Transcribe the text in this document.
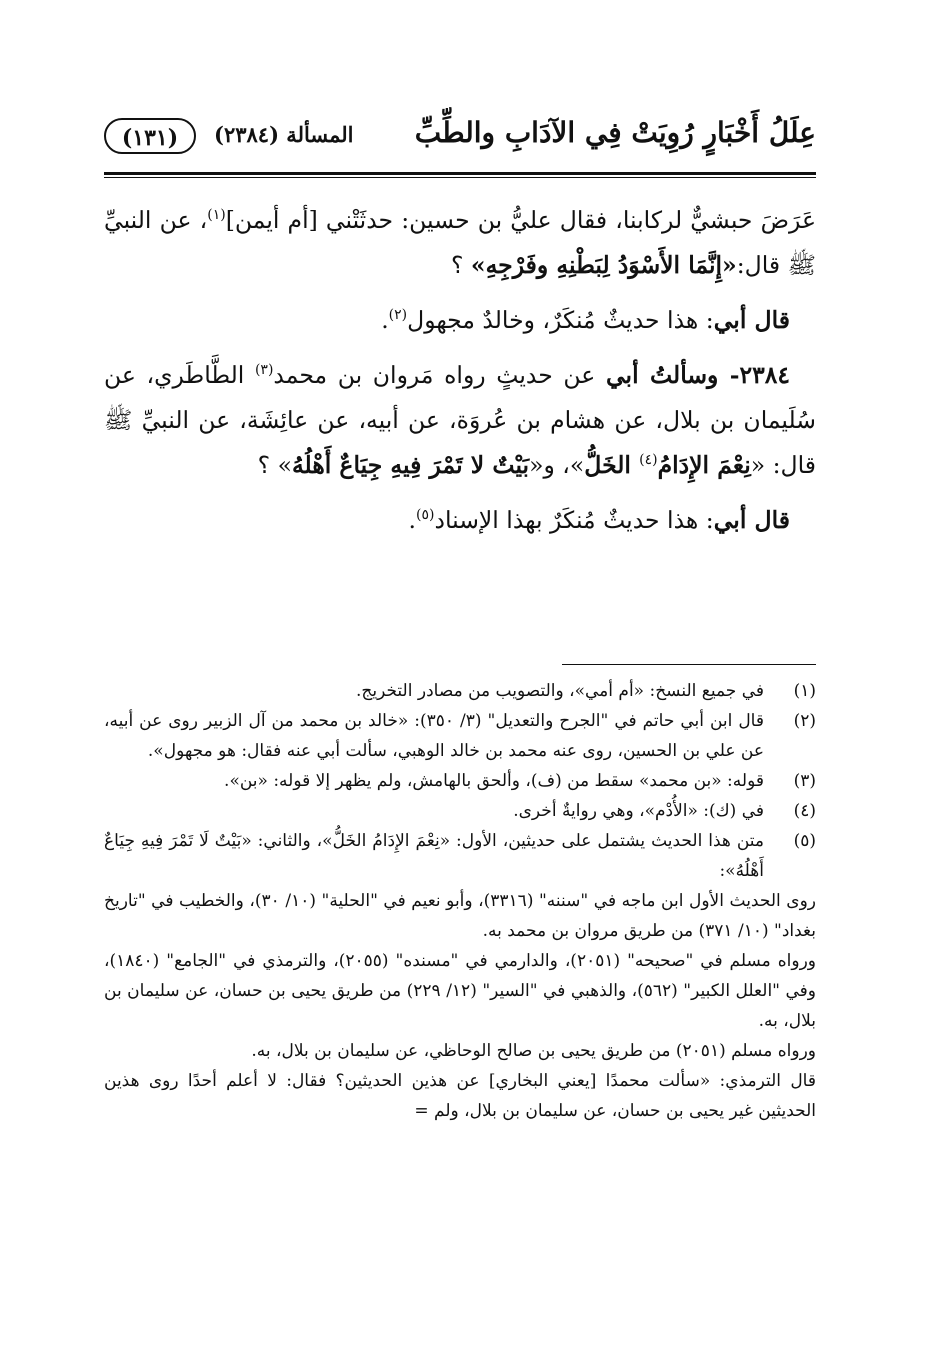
عِلَلُ أَخْبَارٍ رُوِيَتْ فِي الآدَابِ والطِّبِّ
المسألة (٢٣٨٤)
(١٣١)

عَرَضَ حبشيٌّ لركابنا، فقال عليُّ بن حسين: حدثَتْني [أم أيمن]$^{(١)}$، عن النبيِّ ﷺ قال:«إِنَّمَا الأَسْوَدُ لِبَطْنِهِ وفَرْجِهِ» ؟

قال أبي: هذا حديثٌ مُنكَرٌ، وخالدٌ مجهول$^{(٢)}$.

٢٣٨٤- وسألتُ أبي عن حديثٍ رواه مَروان بن محمد$^{(٣)}$ الطَّاطَري، عن سُلَيمان بن بلال، عن هشام بن عُروَة، عن أبيه، عن عائِشَة، عن النبيِّ ﷺ قال: «نِعْمَ الإِدَامُ$^{(٤)}$ الخَلُّ»، و«بَيْتٌ لا تَمْرَ فِيهِ جِيَاعٌ أَهْلُهُ» ؟

قال أبي: هذا حديثٌ مُنكَرٌ بهذا الإسناد$^{(٥)}$.

(١)
في جميع النسخ: «أم أمي»، والتصويب من مصادر التخريج.

(٢)
قال ابن أبي حاتم في "الجرح والتعديل" (٣/ ٣٥٠): «خالد بن محمد من آل الزبير روى عن أبيه، عن علي بن الحسين، روى عنه محمد بن خالد الوهبي، سألت أبي عنه فقال: هو مجهول».

(٣)
قوله: «بن محمد» سقط من (ف)، وألحق بالهامش، ولم يظهر إلا قوله: «بن».

(٤)
في (ك): «الأُدْم»، وهي روايةٌ أخرى.

(٥)
متن هذا الحديث يشتمل على حديثين، الأول: «نِعْمَ الإِدَامُ الخَلُّ»، والثاني: «بَيْتٌ لَا تَمْرَ فِيهِ جِيَاعٌ أَهْلُهُ»:

روى الحديث الأول ابن ماجه في "سننه" (٣٣١٦)، وأبو نعيم في "الحلية" (١٠/ ٣٠)، والخطيب في "تاريخ بغداد" (١٠/ ٣٧١) من طريق مروان بن محمد به.

ورواه مسلم في "صحيحه" (٢٠٥١)، والدارمي في "مسنده" (٢٠٥٥)، والترمذي في "الجامع" (١٨٤٠)، وفي "العلل الكبير" (٥٦٢)، والذهبي في "السير" (١٢/ ٢٢٩) من طريق يحيى بن حسان، عن سليمان بن بلال، به.

ورواه مسلم (٢٠٥١) من طريق يحيى بن صالح الوحاظي، عن سليمان بن بلال، به.

قال الترمذي: «سألت محمدًا [يعني البخاري] عن هذين الحديثين؟ فقال: لا أعلم أحدًا روى هذين الحديثين غير يحيى بن حسان، عن سليمان بن بلال، ولم =
